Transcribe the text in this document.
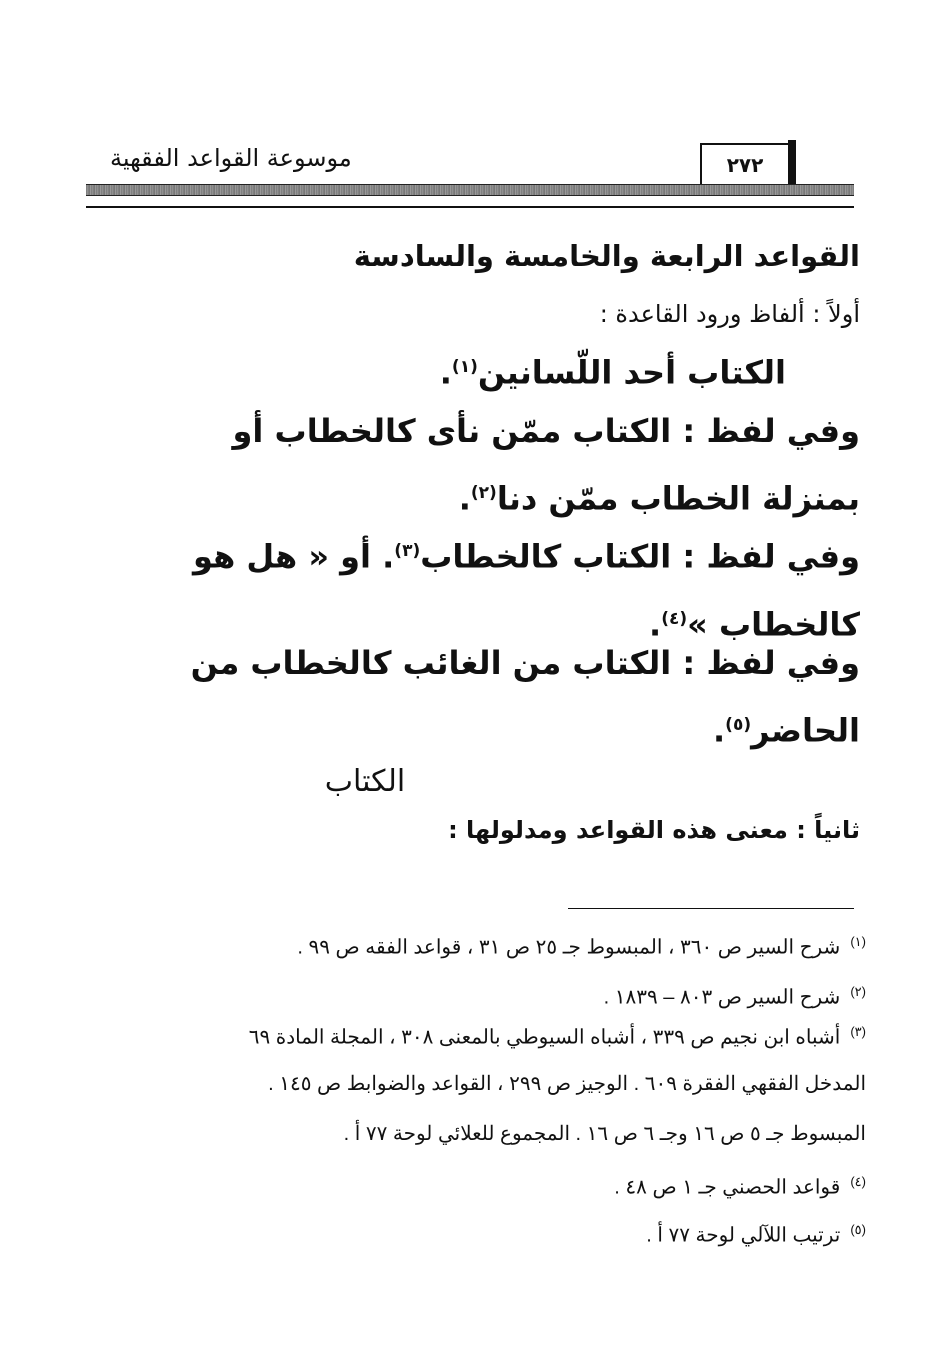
موسوعة القواعد الفقهية	٢٧٢
القواعد الرابعة والخامسة والسادسة
أولاً : ألفاظ ورود القاعدة :
الكتاب أحد اللّسانين$^{(١)}$.
وفي لفظ : الكتاب ممّن نأى كالخطاب أو
بمنزلة الخطاب ممّن دنا$^{(٢)}$.
وفي لفظ : الكتاب كالخطاب$^{(٣)}$. أو « هل هو
كالخطاب »$^{(٤)}$.
وفي لفظ : الكتاب من الغائب كالخطاب من
الحاضر$^{(٥)}$.
الكتاب
ثانياً : معنى هذه القواعد ومدلولها :
$^{(١)}$شرح السير ص ٣٦٠ ، المبسوط جـ ٢٥ ص ٣١ ، قواعد الفقه ص ٩٩ .
$^{(٢)}$شرح السير ص ٨٠٣ – ١٨٣٩ .
$^{(٣)}$أشباه ابن نجيم ص ٣٣٩ ، أشباه السيوطي بالمعنى ٣٠٨ ، المجلة المادة ٦٩
المدخل الفقهي الفقرة ٦٠٩ . الوجيز ص ٢٩٩ ، القواعد والضوابط ص ١٤٥ .
المبسوط جـ ٥ ص ١٦ وجـ ٦ ص ١٦ . المجموع للعلائي لوحة ٧٧ أ .
$^{(٤)}$قواعد الحصني جـ ١ ص ٤٨ .
$^{(٥)}$ترتيب اللآلي لوحة ٧٧ أ .
